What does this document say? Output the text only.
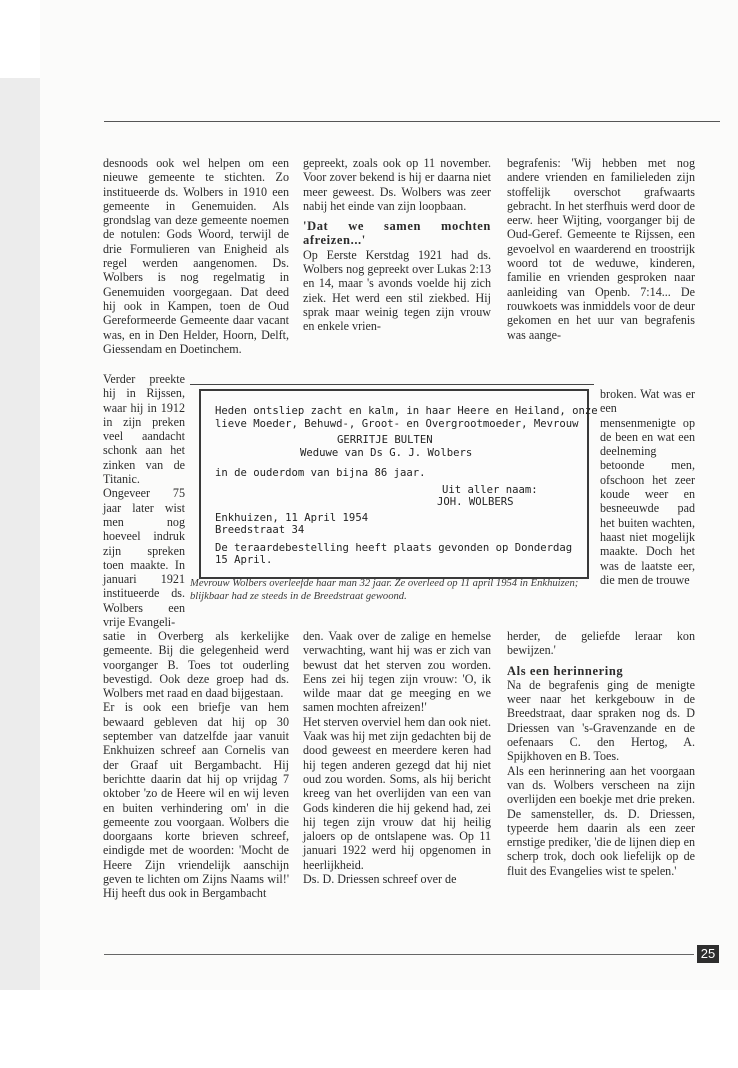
desnoods ook wel helpen om een nieuwe gemeente te stichten. Zo institueerde ds. Wolbers in 1910 een gemeente in Genemuiden. Als grondslag van deze gemeente noemen de notulen: Gods Woord, terwijl de drie Formulieren van Enigheid als regel werden aangenomen. Ds. Wolbers is nog regelmatig in Genemuiden voorgegaan. Dat deed hij ook in Kampen, toen de Oud Gereformeerde Gemeente daar vacant was, en in Den Helder, Hoorn, Delft, Giessendam en Doetinchem.

Verder preekte hij in Rijssen, waar hij in 1912 in zijn preken veel aandacht schonk aan het zinken van de Titanic. Ongeveer 75 jaar later wist men nog hoeveel indruk zijn spreken toen maakte. In januari 1921 institueerde ds. Wolbers een vrije Evangeli-

gepreekt, zoals ook op 11 november. Voor zover bekend is hij er daarna niet meer geweest. Ds. Wolbers was zeer nabij het einde van zijn loopbaan.

'Dat we samen mochten afreizen...'

Op Eerste Kerstdag 1921 had ds. Wolbers nog gepreekt over Lukas 2:13 en 14, maar 's avonds voelde hij zich ziek. Het werd een stil ziekbed. Hij sprak maar weinig tegen zijn vrouw en enkele vrien-

begrafenis: 'Wij hebben met nog andere vrienden en familieleden zijn stoffelijk overschot grafwaarts gebracht. In het sterfhuis werd door de eerw. heer Wijting, voorganger bij de Oud-Geref. Gemeente te Rijssen, een gevoelvol en waarderend en troostrijk woord tot de weduwe, kinderen, familie en vrienden gesproken naar aanleiding van Openb. 7:14... De rouwkoets was inmiddels voor de deur gekomen en het uur van begrafenis was aange-

broken. Wat was er een mensenmenigte op de been en wat een deelneming betoonde men, ofschoon het zeer koude weer en besneeuwde pad het buiten wachten, haast niet mogelijk maakte. Doch het was de laatste eer, die men de trouwe

Heden ontsliep zacht en kalm, in haar Heere en Heiland, onze
lieve Moeder, Behuwd-, Groot- en Overgrootmoeder, Mevrouw
GERRITJE BULTEN
Weduwe van Ds G. J. Wolbers
in de ouderdom van bijna 86 jaar.
Uit aller naam:
JOH. WOLBERS
Enkhuizen, 11 April 1954
Breedstraat 34
De teraardebestelling heeft plaats gevonden op Donderdag
15 April.
Mevrouw Wolbers overleefde haar man 32 jaar. Ze overleed op 11 april 1954 in Enkhuizen; blijkbaar had ze steeds in de Breedstraat gewoond.

satie in Overberg als kerkelijke gemeente. Bij die gelegenheid werd voorganger B. Toes tot ouderling bevestigd. Ook deze groep had ds. Wolbers met raad en daad bijgestaan.

Er is ook een briefje van hem bewaard gebleven dat hij op 30 september van datzelfde jaar vanuit Enkhuizen schreef aan Cornelis van der Graaf uit Bergambacht. Hij berichtte daarin dat hij op vrijdag 7 oktober 'zo de Heere wil en wij leven en buiten verhindering om' in die gemeente zou voorgaan. Wolbers die doorgaans korte brieven schreef, eindigde met de woorden: 'Mocht de Heere Zijn vriendelijk aanschijn geven te lichten om Zijns Naams wil!' Hij heeft dus ook in Bergambacht

den. Vaak over de zalige en hemelse verwachting, want hij was er zich van bewust dat het sterven zou worden. Eens zei hij tegen zijn vrouw: 'O, ik wilde maar dat ge meeging en we samen mochten afreizen!'

Het sterven overviel hem dan ook niet. Vaak was hij met zijn gedachten bij de dood geweest en meerdere keren had hij tegen anderen gezegd dat hij niet oud zou worden. Soms, als hij bericht kreeg van het overlijden van een van Gods kinderen die hij gekend had, zei hij tegen zijn vrouw dat hij heilig jaloers op de ontslapene was. Op 11 januari 1922 werd hij opgenomen in heerlijkheid.

Ds. D. Driessen schreef over de

herder, de geliefde leraar kon bewijzen.'

Als een herinnering

Na de begrafenis ging de menigte weer naar het kerkgebouw in de Breedstraat, daar spraken nog ds. D Driessen van 's-Gravenzande en de oefenaars C. den Hertog, A. Spijkhoven en B. Toes.

Als een herinnering aan het voorgaan van ds. Wolbers verscheen na zijn overlijden een boekje met drie preken. De samensteller, ds. D. Driessen, typeerde hem daarin als een zeer ernstige prediker, 'die de lijnen diep en scherp trok, doch ook liefelijk op de fluit des Evangelies wist te spelen.'

25
